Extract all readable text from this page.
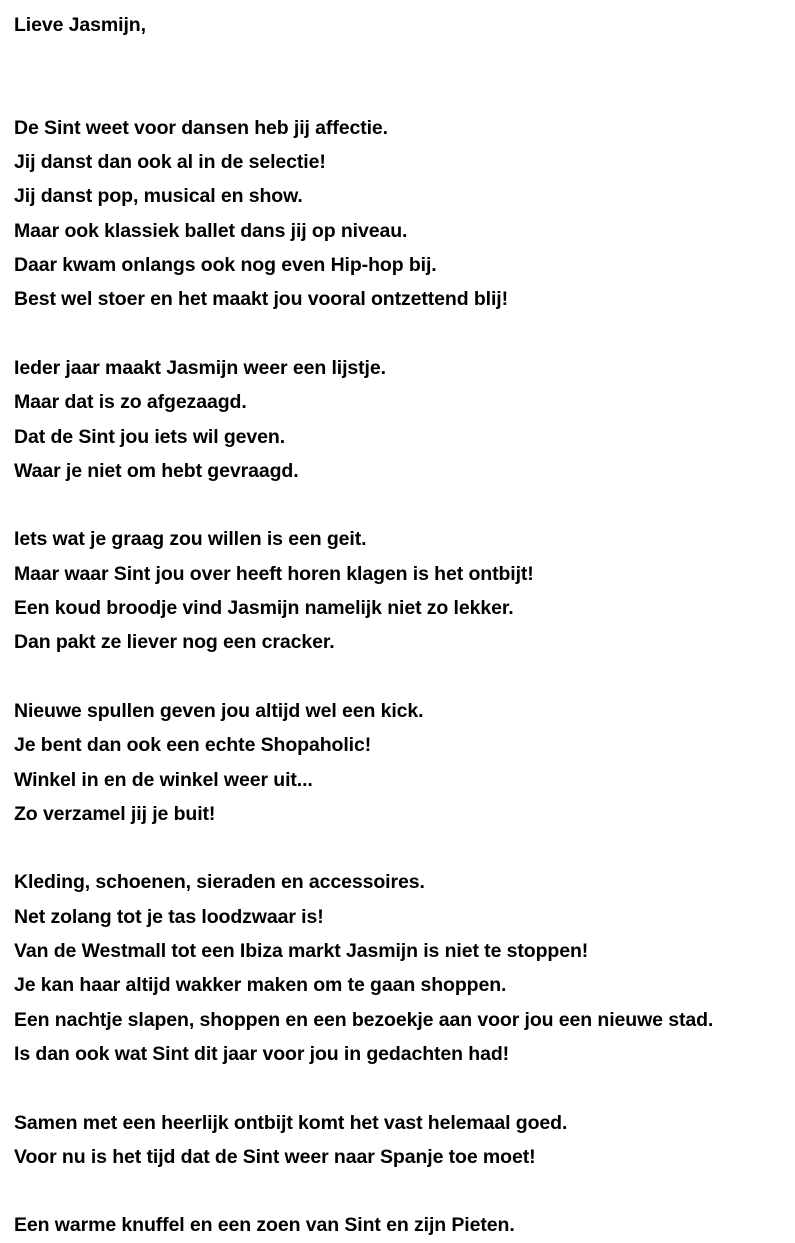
Lieve Jasmijn,
De Sint weet voor dansen heb jij affectie.
Jij danst dan ook al in de selectie!
Jij danst pop, musical en show.
Maar ook klassiek ballet dans jij op niveau.
Daar kwam onlangs ook nog even Hip-hop bij.
Best wel stoer en het maakt jou vooral ontzettend blij!
Ieder jaar maakt Jasmijn weer een lijstje.
Maar dat is zo afgezaagd.
Dat de Sint jou iets wil geven.
Waar je niet om hebt gevraagd.
Iets wat je graag zou willen is een geit.
Maar waar Sint jou over heeft horen klagen is het ontbijt!
Een koud broodje vind Jasmijn namelijk niet zo lekker.
Dan pakt ze liever nog een cracker.
Nieuwe spullen geven jou altijd wel een kick.
Je bent dan ook een echte Shopaholic!
Winkel in en de winkel weer uit...
Zo verzamel jij je buit!
Kleding, schoenen, sieraden en accessoires.
Net zolang tot je tas loodzwaar is!
Van de Westmall tot een Ibiza markt Jasmijn is niet te stoppen!
Je kan haar altijd wakker maken om te gaan shoppen.
Een nachtje slapen, shoppen en een bezoekje aan voor jou een nieuwe stad.
Is dan ook wat Sint dit jaar voor jou in gedachten had!
Samen met een heerlijk ontbijt komt het vast helemaal goed.
Voor nu is het tijd dat de Sint weer naar Spanje toe moet!
Een warme knuffel en een zoen van Sint en zijn Pieten.
